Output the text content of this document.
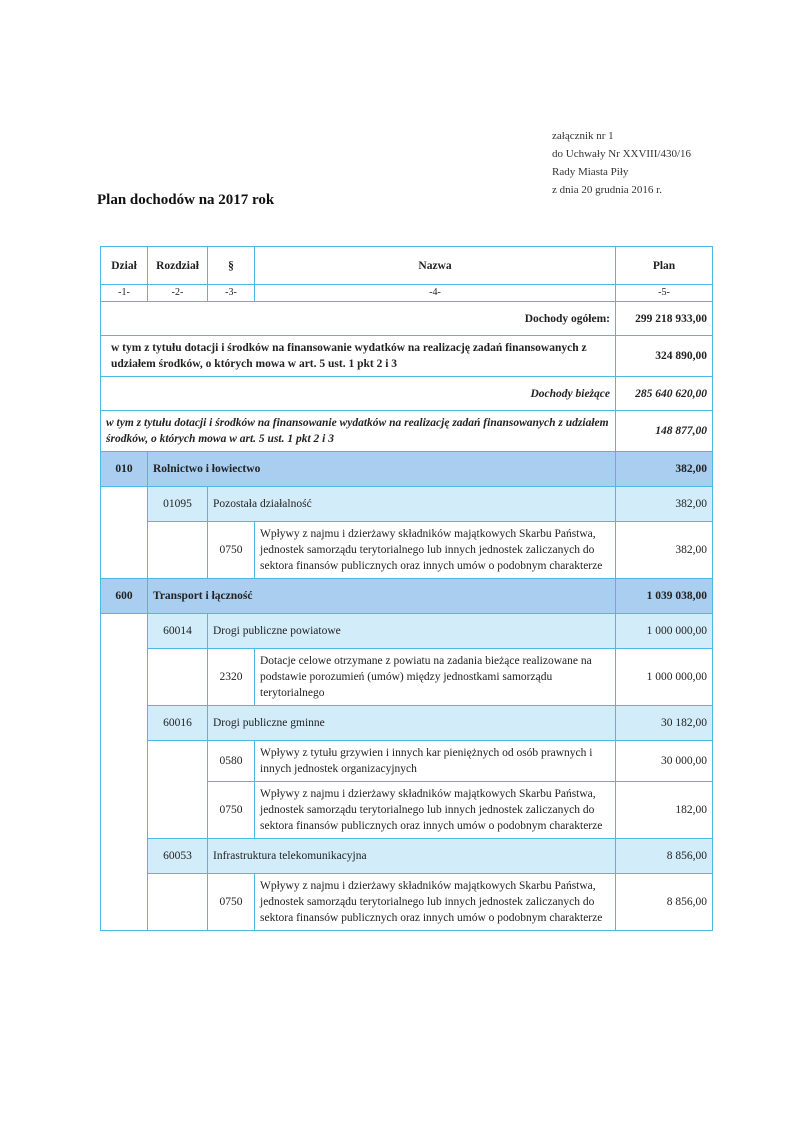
załącznik nr 1
do Uchwały Nr XXVIII/430/16
Rady Miasta Piły
z dnia 20 grudnia 2016 r.
Plan dochodów na 2017 rok
Dział	Rozdział	§	Nazwa	Plan
-1-	-2-	-3-	-4-	-5-
Dochody ogółem:				299 218 933,00
w tym z tytułu dotacji i środków na finansowanie wydatków na realizację zadań finansowanych z udziałem środków, o których mowa w art. 5 ust. 1 pkt 2 i 3				324 890,00
Dochody bieżące				285 640 620,00
w tym z tytułu dotacji i środków na finansowanie wydatków na realizację zadań finansowanych z udziałem środków, o których mowa w art. 5 ust. 1 pkt 2 i 3				148 877,00
010	Rolnictwo i łowiectwo			382,00
	01095	Pozostała działalność		382,00
		0750	Wpływy z najmu i dzierżawy składników majątkowych Skarbu Państwa, jednostek samorządu terytorialnego lub innych jednostek zaliczanych do sektora finansów publicznych oraz innych umów o podobnym charakterze	382,00
600	Transport i łączność			1 039 038,00
	60014	Drogi publiczne powiatowe		1 000 000,00
		2320	Dotacje celowe otrzymane z powiatu na zadania bieżące realizowane na podstawie porozumień (umów) między jednostkami samorządu terytorialnego	1 000 000,00
	60016	Drogi publiczne gminne		30 182,00
		0580	Wpływy z tytułu grzywien i innych kar pieniężnych od osób prawnych i innych jednostek organizacyjnych	30 000,00
		0750	Wpływy z najmu i dzierżawy składników majątkowych Skarbu Państwa, jednostek samorządu terytorialnego lub innych jednostek zaliczanych do sektora finansów publicznych oraz innych umów o podobnym charakterze	182,00
	60053	Infrastruktura telekomunikacyjna		8 856,00
		0750	Wpływy z najmu i dzierżawy składników majątkowych Skarbu Państwa, jednostek samorządu terytorialnego lub innych jednostek zaliczanych do sektora finansów publicznych oraz innych umów o podobnym charakterze	8 856,00
